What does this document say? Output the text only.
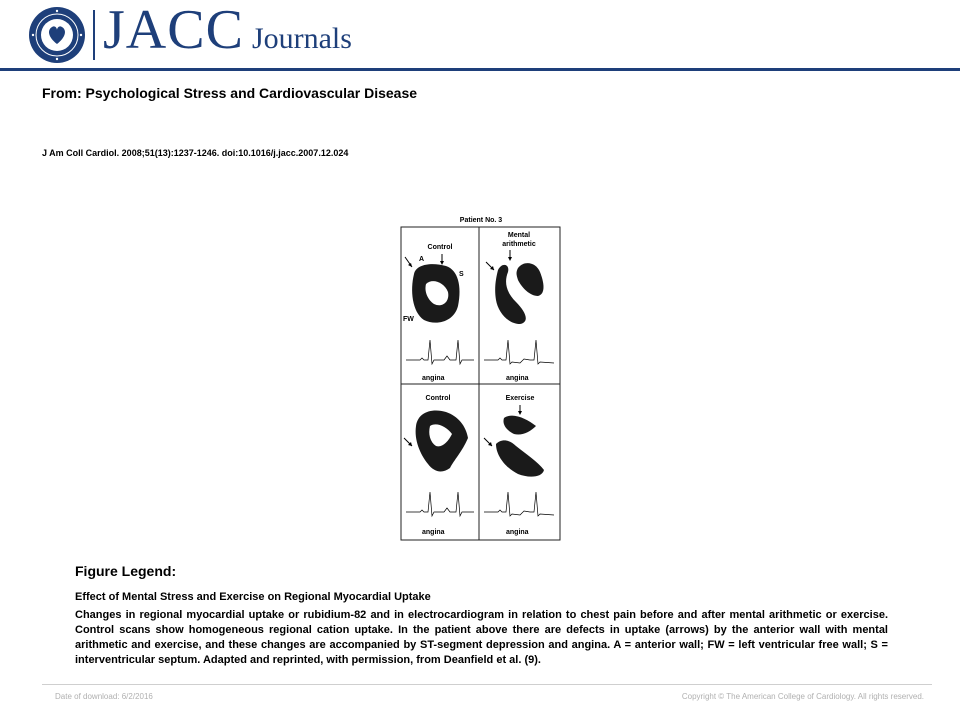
JACC Journals
From: Psychological Stress and Cardiovascular Disease
J Am Coll Cardiol. 2008;51(13):1237-1246. doi:10.1016/j.jacc.2007.12.024
Patient No. 3
Control
A
S
FW
angina
Mental
arithmetic
angina
Control
angina
Exercise
angina
Figure Legend:
Effect of Mental Stress and Exercise on Regional Myocardial Uptake
Changes in regional myocardial uptake or rubidium-82 and in electrocardiogram in relation to chest pain before and after mental arithmetic or exercise. Control scans show homogeneous regional cation uptake. In the patient above there are defects in uptake (arrows) by the anterior wall with mental arithmetic and exercise, and these changes are accompanied by ST-segment depression and angina. A = anterior wall; FW = left ventricular free wall; S = interventricular septum. Adapted and reprinted, with permission, from Deanfield et al. (9).
Date of download: 6/2/2016	Copyright © The American College of Cardiology. All rights reserved.
